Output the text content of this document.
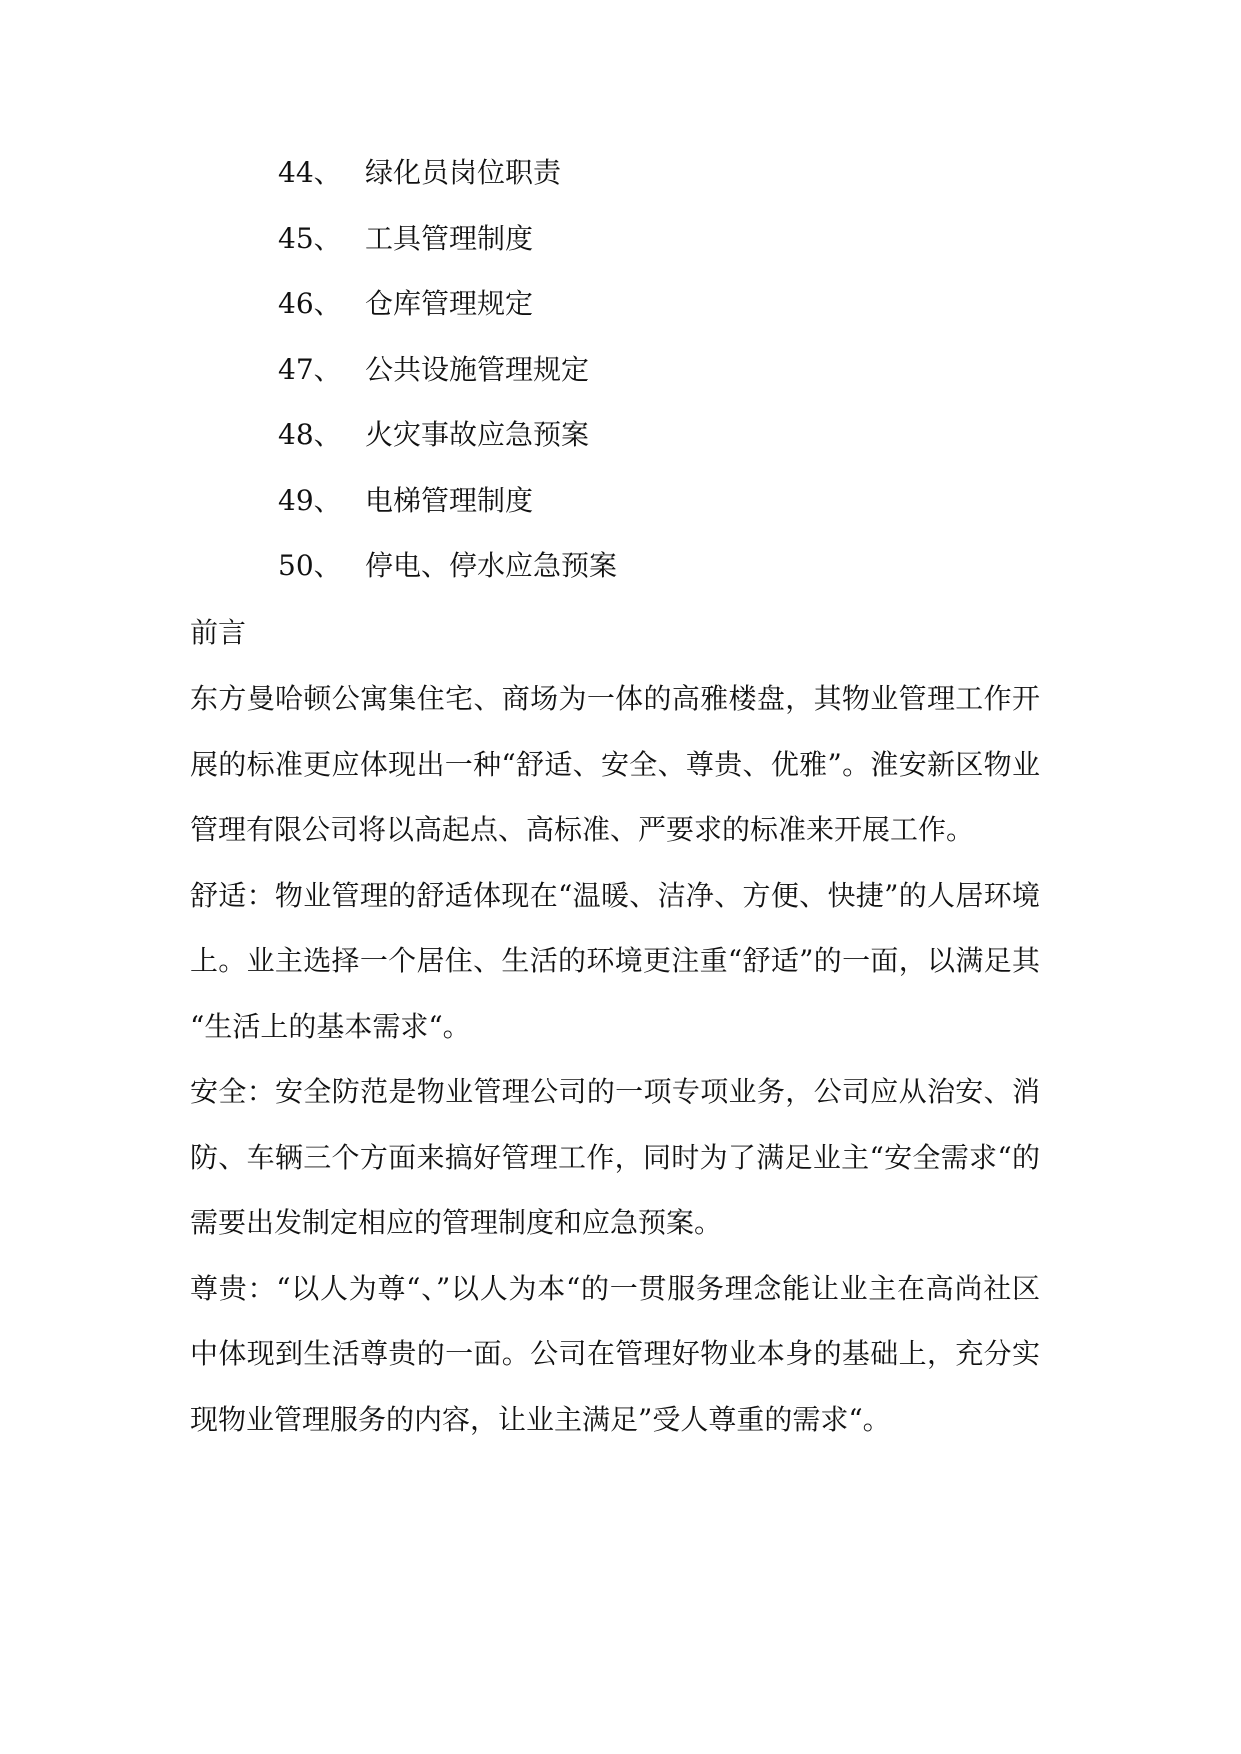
44、 绿化员岗位职责
45、 工具管理制度
46、 仓库管理规定
47、 公共设施管理规定
48、 火灾事故应急预案
49、 电梯管理制度
50、 停电、停水应急预案
前言

东方曼哈顿公寓集住宅、商场为一体的高雅楼盘，其物业管理工作开展的标准更应体现出一种“舒适、安全、尊贵、优雅”。淮安新区物业管理有限公司将以高起点、高标准、严要求的标准来开展工作。

舒适：物业管理的舒适体现在“温暖、洁净、方便、快捷”的人居环境上。业主选择一个居住、生活的环境更注重“舒适”的一面，以满足其 “生活上的基本需求“。

安全：安全防范是物业管理公司的一项专项业务，公司应从治安、消防、车辆三个方面来搞好管理工作，同时为了满足业主“安全需求“的需要出发制定相应的管理制度和应急预案。

尊贵：“以人为尊“、”以人为本“的一贯服务理念能让业主在高尚社区中体现到生活尊贵的一面。公司在管理好物业本身的基础上，充分实现物业管理服务的内容，让业主满足”受人尊重的需求“。
